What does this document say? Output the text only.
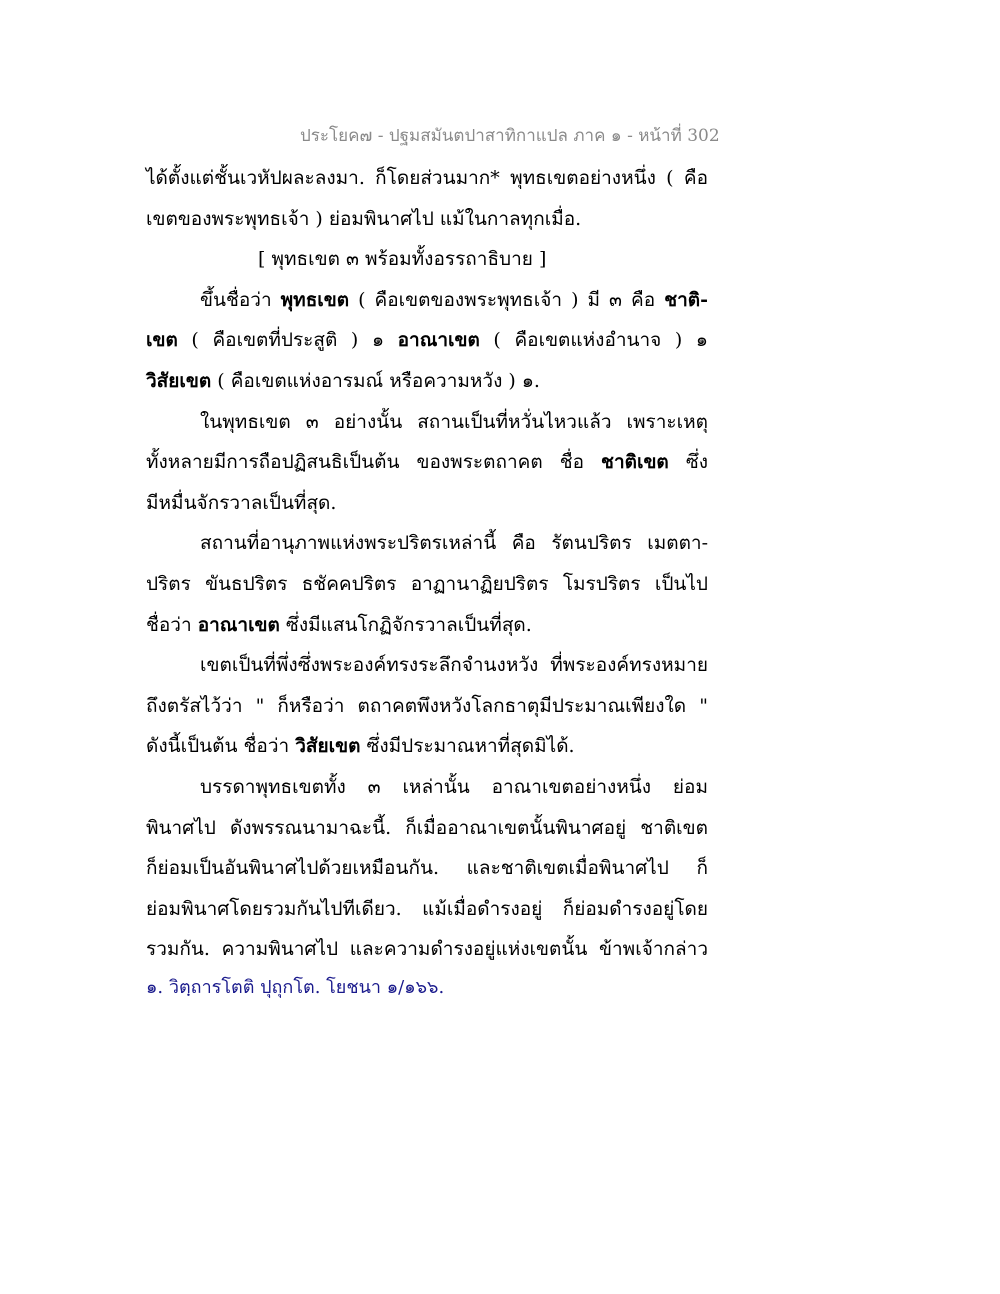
ประโยค๗ - ปฐมสมันตปาสาทิกาแปล ภาค ๑ - หน้าที่ 302
ได้ตั้งแต่ชั้นเวหัปผละลงมา. ก็โดยส่วนมาก* พุทธเขตอย่างหนึ่ง ( คือ
เขตของพระพุทธเจ้า ) ย่อมพินาศไป แม้ในกาลทุกเมื่อ.
[ พุทธเขต ๓ พร้อมทั้งอรรถาธิบาย ]
ขึ้นชื่อว่า พุทธเขต ( คือเขตของพระพุทธเจ้า ) มี ๓ คือ ชาติ-
เขต ( คือเขตที่ประสูติ ) ๑ อาณาเขต ( คือเขตแห่งอำนาจ ) ๑
วิสัยเขต ( คือเขตแห่งอารมณ์ หรือความหวัง ) ๑.
ในพุทธเขต ๓ อย่างนั้น สถานเป็นที่หวั่นไหวแล้ว เพราะเหตุ
ทั้งหลายมีการถือปฏิสนธิเป็นต้น ของพระตถาคต ชื่อ ชาติเขต ซึ่ง
มีหมื่นจักรวาลเป็นที่สุด.
สถานที่อานุภาพแห่งพระปริตรเหล่านี้ คือ รัตนปริตร เมตตา-
ปริตร ขันธปริตร ธชัคคปริตร อาฏานาฏิยปริตร โมรปริตร เป็นไป
ชื่อว่า อาณาเขต ซึ่งมีแสนโกฏิจักรวาลเป็นที่สุด.
เขตเป็นที่พึ่งซึ่งพระองค์ทรงระลึกจำนงหวัง ที่พระองค์ทรงหมาย
ถึงตรัสไว้ว่า " ก็หรือว่า ตถาคตพึงหวังโลกธาตุมีประมาณเพียงใด "
ดังนี้เป็นต้น ชื่อว่า วิสัยเขต ซึ่งมีประมาณหาที่สุดมิได้.
บรรดาพุทธเขตทั้ง ๓ เหล่านั้น อาณาเขตอย่างหนึ่ง ย่อม
พินาศไป ดังพรรณนามาฉะนี้. ก็เมื่ออาณาเขตนั้นพินาศอยู่ ชาติเขต
ก็ย่อมเป็นอันพินาศไปด้วยเหมือนกัน. และชาติเขตเมื่อพินาศไป ก็
ย่อมพินาศโดยรวมกันไปทีเดียว. แม้เมื่อดำรงอยู่ ก็ย่อมดำรงอยู่โดย
รวมกัน. ความพินาศไป และความดำรงอยู่แห่งเขตนั้น ข้าพเจ้ากล่าว
๑. วิตฺถารโตติ ปุถุกโต. โยชนา ๑/๑๖๖.
